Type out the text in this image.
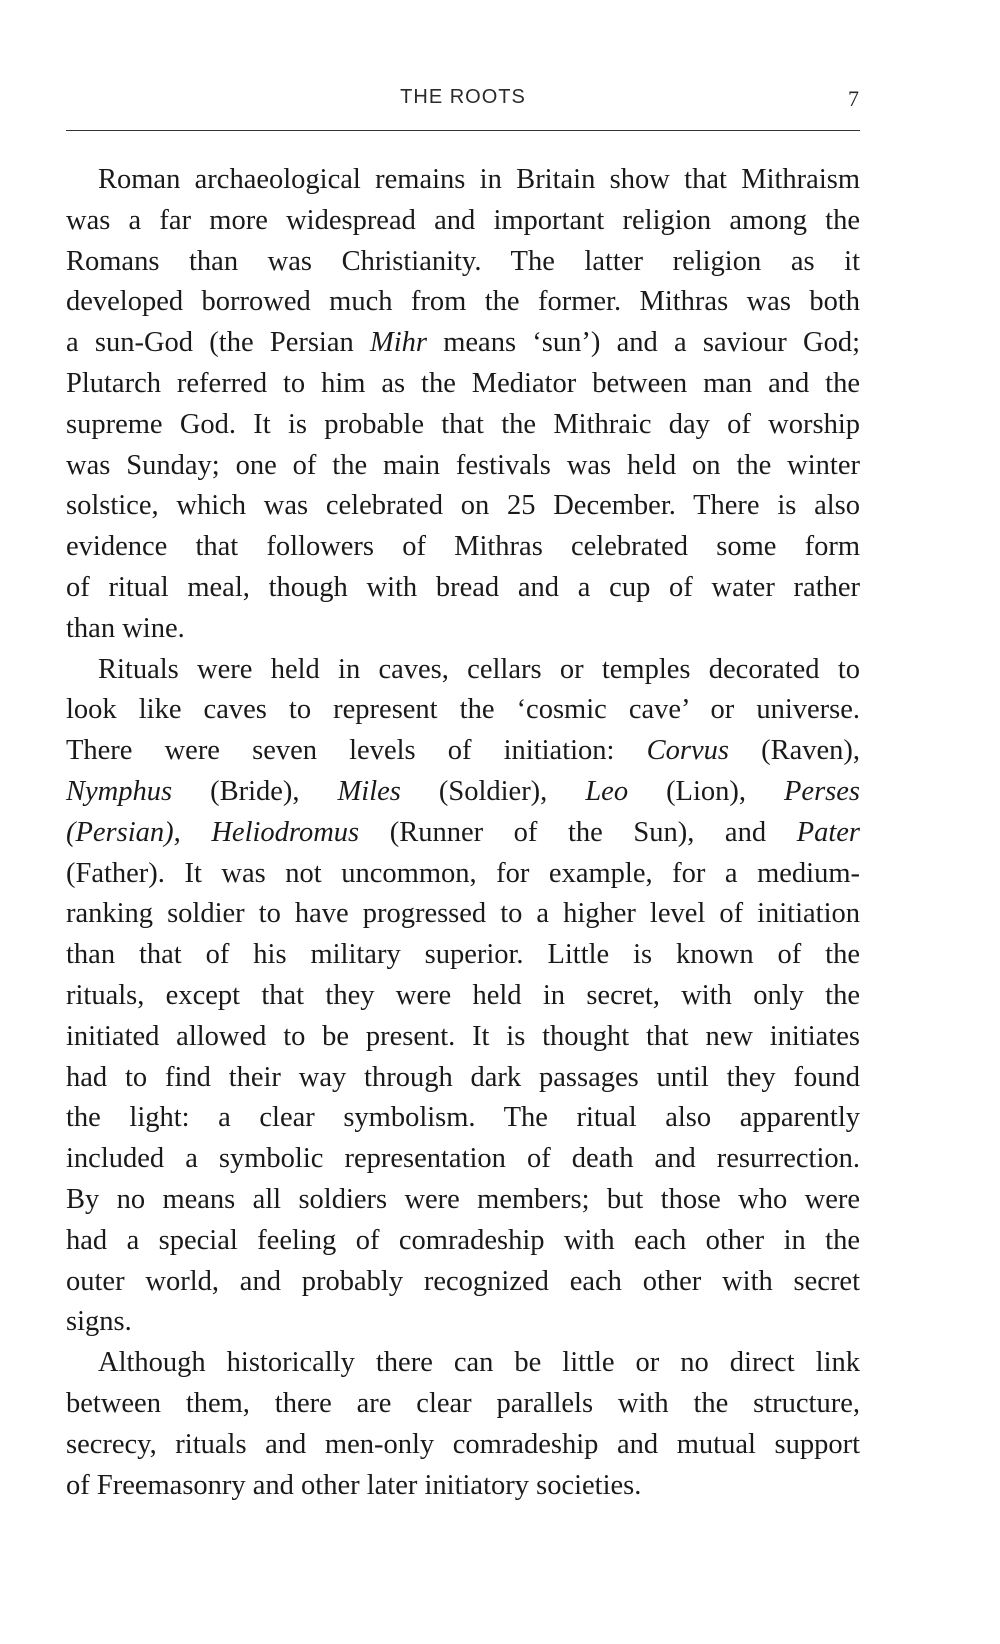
THE ROOTS	7
Roman archaeological remains in Britain show that Mithraism
was a far more widespread and important religion among the
Romans than was Christianity. The latter religion as it
developed borrowed much from the former. Mithras was both
a sun-God (the Persian Mihr means ‘sun’) and a saviour God;
Plutarch referred to him as the Mediator between man and the
supreme God. It is probable that the Mithraic day of worship
was Sunday; one of the main festivals was held on the winter
solstice, which was celebrated on 25 December. There is also
evidence that followers of Mithras celebrated some form
of ritual meal, though with bread and a cup of water rather
than wine.
Rituals were held in caves, cellars or temples decorated to
look like caves to represent the ‘cosmic cave’ or universe.
There were seven levels of initiation: Corvus (Raven),
Nymphus (Bride), Miles (Soldier), Leo (Lion), Perses
(Persian), Heliodromus (Runner of the Sun), and Pater
(Father). It was not uncommon, for example, for a medium-
ranking soldier to have progressed to a higher level of initiation
than that of his military superior. Little is known of the
rituals, except that they were held in secret, with only the
initiated allowed to be present. It is thought that new initiates
had to find their way through dark passages until they found
the light: a clear symbolism. The ritual also apparently
included a symbolic representation of death and resurrection.
By no means all soldiers were members; but those who were
had a special feeling of comradeship with each other in the
outer world, and probably recognized each other with secret
signs.
Although historically there can be little or no direct link
between them, there are clear parallels with the structure,
secrecy, rituals and men-only comradeship and mutual support
of Freemasonry and other later initiatory societies.
